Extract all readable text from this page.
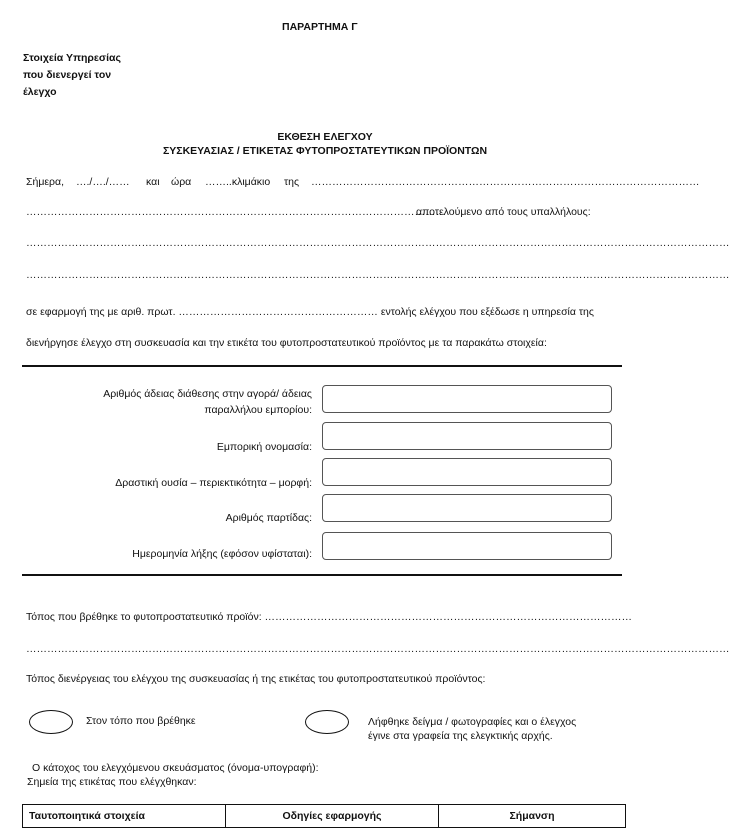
ΠΑΡΑΡΤΗΜΑ Γ
Στοιχεία Υπηρεσίας
που διενεργεί τον
έλεγχο
ΕΚΘΕΣΗ ΕΛΕΓΧΟΥ
ΣΥΣΚΕΥΑΣΙΑΣ / ΕΤΙΚΕΤΑΣ ΦΥΤΟΠΡΟΣΤΑΤΕΥΤΙΚΩΝ ΠΡΟΪΟΝΤΩΝ
Σήμερα, …./…./…… και ώρα ……..κλιμάκιο της …………………………………………………………………………………………………
…………………………………………………………………………………………………………
αποτελούμενο από τους υπαλλήλους:
…………………………………………………………………………………………………………………………………………………………………………………
…………………………………………………………………………………………………………………………………………………………………………………
σε εφαρμογή της με αριθ. πρωτ. ………………………………………………… εντολής ελέγχου που εξέδωσε η υπηρεσία της
διενήργησε έλεγχο στη συσκευασία και την ετικέτα του φυτοπροστατευτικού προϊόντος με τα παρακάτω στοιχεία:
Αριθμός άδειας διάθεσης στην αγορά/ άδειας
παραλλήλου εμπορίου:
Εμπορική ονομασία:
Δραστική ουσία – περιεκτικότητα – μορφή:
Αριθμός παρτίδας:
Ημερομηνία λήξης (εφόσον υφίσταται):
Τόπος που βρέθηκε το φυτοπροστατευτικό προϊόν: ……………………………………………………………………………………………
…………………………………………………………………………………………………………………………………………………………………………………
Τόπος διενέργειας του ελέγχου της συσκευασίας ή της ετικέτας του φυτοπροστατευτικού προϊόντος:
Στον τόπο που βρέθηκε	Λήφθηκε δείγμα / φωτογραφίες και ο έλεγχος
έγινε στα γραφεία της ελεγκτικής αρχής.
Ο κάτοχος του ελεγχόμενου σκευάσματος (όνομα-υπογραφή):
Σημεία της ετικέτας που ελέγχθηκαν:
Ταυτοποιητικά στοιχεία	Οδηγίες εφαρμογής	Σήμανση
